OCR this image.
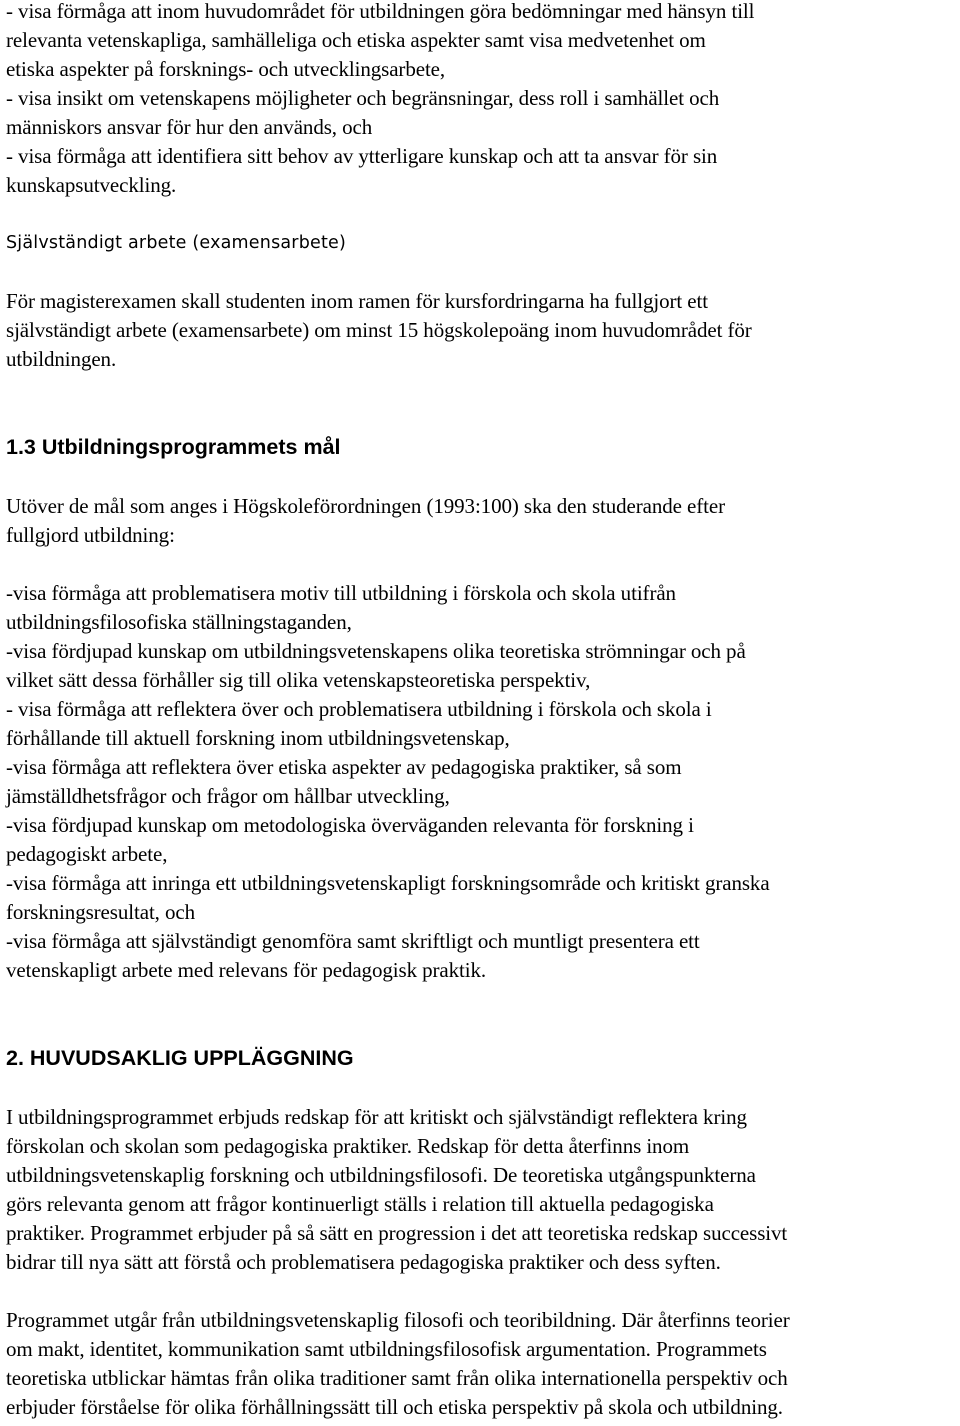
- visa förmåga att inom huvudområdet för utbildningen göra bedömningar med hänsyn till

relevanta vetenskapliga, samhälleliga och etiska aspekter samt visa medvetenhet om

etiska aspekter på forsknings- och utvecklingsarbete,

- visa insikt om vetenskapens möjligheter och begränsningar, dess roll i samhället och

människors ansvar för hur den används, och

- visa förmåga att identifiera sitt behov av ytterligare kunskap och att ta ansvar för sin

kunskapsutveckling.

Självständigt arbete (examensarbete)

För magisterexamen skall studenten inom ramen för kursfordringarna ha fullgjort ett

självständigt arbete (examensarbete) om minst 15 högskolepoäng inom huvudområdet för

utbildningen.

1.3 Utbildningsprogrammets mål

Utöver de mål som anges i Högskoleförordningen (1993:100) ska den studerande efter

fullgjord utbildning:

-visa förmåga att problematisera motiv till utbildning i förskola och skola utifrån

utbildningsfilosofiska ställningstaganden,

-visa fördjupad kunskap om utbildningsvetenskapens olika teoretiska strömningar och på

vilket sätt dessa förhåller sig till olika vetenskapsteoretiska perspektiv,

- visa förmåga att reflektera över och problematisera utbildning i förskola och skola i

förhållande till aktuell forskning inom utbildningsvetenskap,

-visa förmåga att reflektera över etiska aspekter av pedagogiska praktiker, så som

jämställdhetsfrågor och frågor om hållbar utveckling,

-visa fördjupad kunskap om metodologiska överväganden relevanta för forskning i

pedagogiskt arbete,

-visa förmåga att inringa ett utbildningsvetenskapligt forskningsområde och kritiskt granska

forskningsresultat, och

-visa förmåga att självständigt genomföra samt skriftligt och muntligt presentera ett

vetenskapligt arbete med relevans för pedagogisk praktik.

2. HUVUDSAKLIG UPPLÄGGNING

I utbildningsprogrammet erbjuds redskap för att kritiskt och självständigt reflektera kring

förskolan och skolan som pedagogiska praktiker. Redskap för detta återfinns inom

utbildningsvetenskaplig forskning och utbildningsfilosofi. De teoretiska utgångspunkterna

görs relevanta genom att frågor kontinuerligt ställs i relation till aktuella pedagogiska

praktiker. Programmet erbjuder på så sätt en progression i det att teoretiska redskap successivt

bidrar till nya sätt att förstå och problematisera pedagogiska praktiker och dess syften.

Programmet utgår från utbildningsvetenskaplig filosofi och teoribildning. Där återfinns teorier

om makt, identitet, kommunikation samt utbildningsfilosofisk argumentation. Programmets

teoretiska utblickar hämtas från olika traditioner samt från olika internationella perspektiv och

erbjuder förståelse för olika förhållningssätt till och etiska perspektiv på skola och utbildning.
